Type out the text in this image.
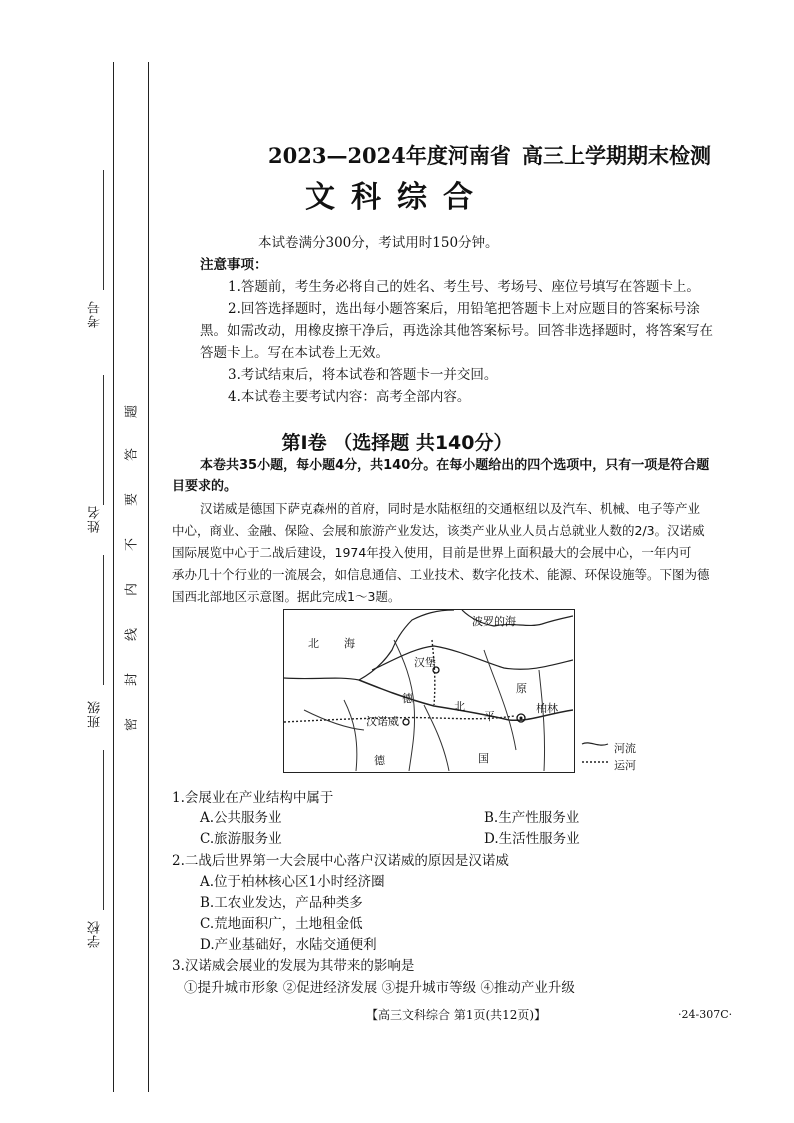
考号
姓名
班级
学校
题
答
要
不
内
线
封
密
2023—2024年度河南省 高三上学期期末检测
文科综合
本试卷满分300分，考试用时150分钟。
注意事项：
1.答题前，考生务必将自己的姓名、考生号、考场号、座位号填写在答题卡上。
2.回答选择题时，选出每小题答案后，用铅笔把答题卡上对应题目的答案标号涂
黑。如需改动，用橡皮擦干净后，再选涂其他答案标号。回答非选择题时，将答案写在
答题卡上。写在本试卷上无效。
3.考试结束后，将本试卷和答题卡一并交回。
4.本试卷主要考试内容：高考全部内容。
第Ⅰ卷 （选择题 共140分）
本卷共35小题，每小题4分，共140分。在每小题给出的四个选项中，只有一项是符合题
目要求的。
汉诺威是德国下萨克森州的首府，同时是水陆枢纽的交通枢纽以及汽车、机械、电子等产业
中心，商业、金融、保险、会展和旅游产业发达，该类产业从业人员占总就业人数的2/3。汉诺威
国际展览中心于二战后建设，1974年投入使用，目前是世界上面积最大的会展中心，一年内可
承办几十个行业的一流展会，如信息通信、工业技术、数字化技术、能源、环保设施等。下图为德
国西北部地区示意图。据此完成1～3题。
北 海
波罗的海
汉堡
柏林
汉诺威
德
北
平
原
德	国
河流
运河
1.会展业在产业结构中属于
A.公共服务业	B.生产性服务业
C.旅游服务业	D.生活性服务业
2.二战后世界第一大会展中心落户汉诺威的原因是汉诺威
A.位于柏林核心区1小时经济圈
B.工农业发达，产品种类多
C.荒地面积广，土地租金低
D.产业基础好，水陆交通便利
3.汉诺威会展业的发展为其带来的影响是
①提升城市形象 ②促进经济发展 ③提升城市等级 ④推动产业升级
【高三文科综合 第1页(共12页)】	·24-307C·
